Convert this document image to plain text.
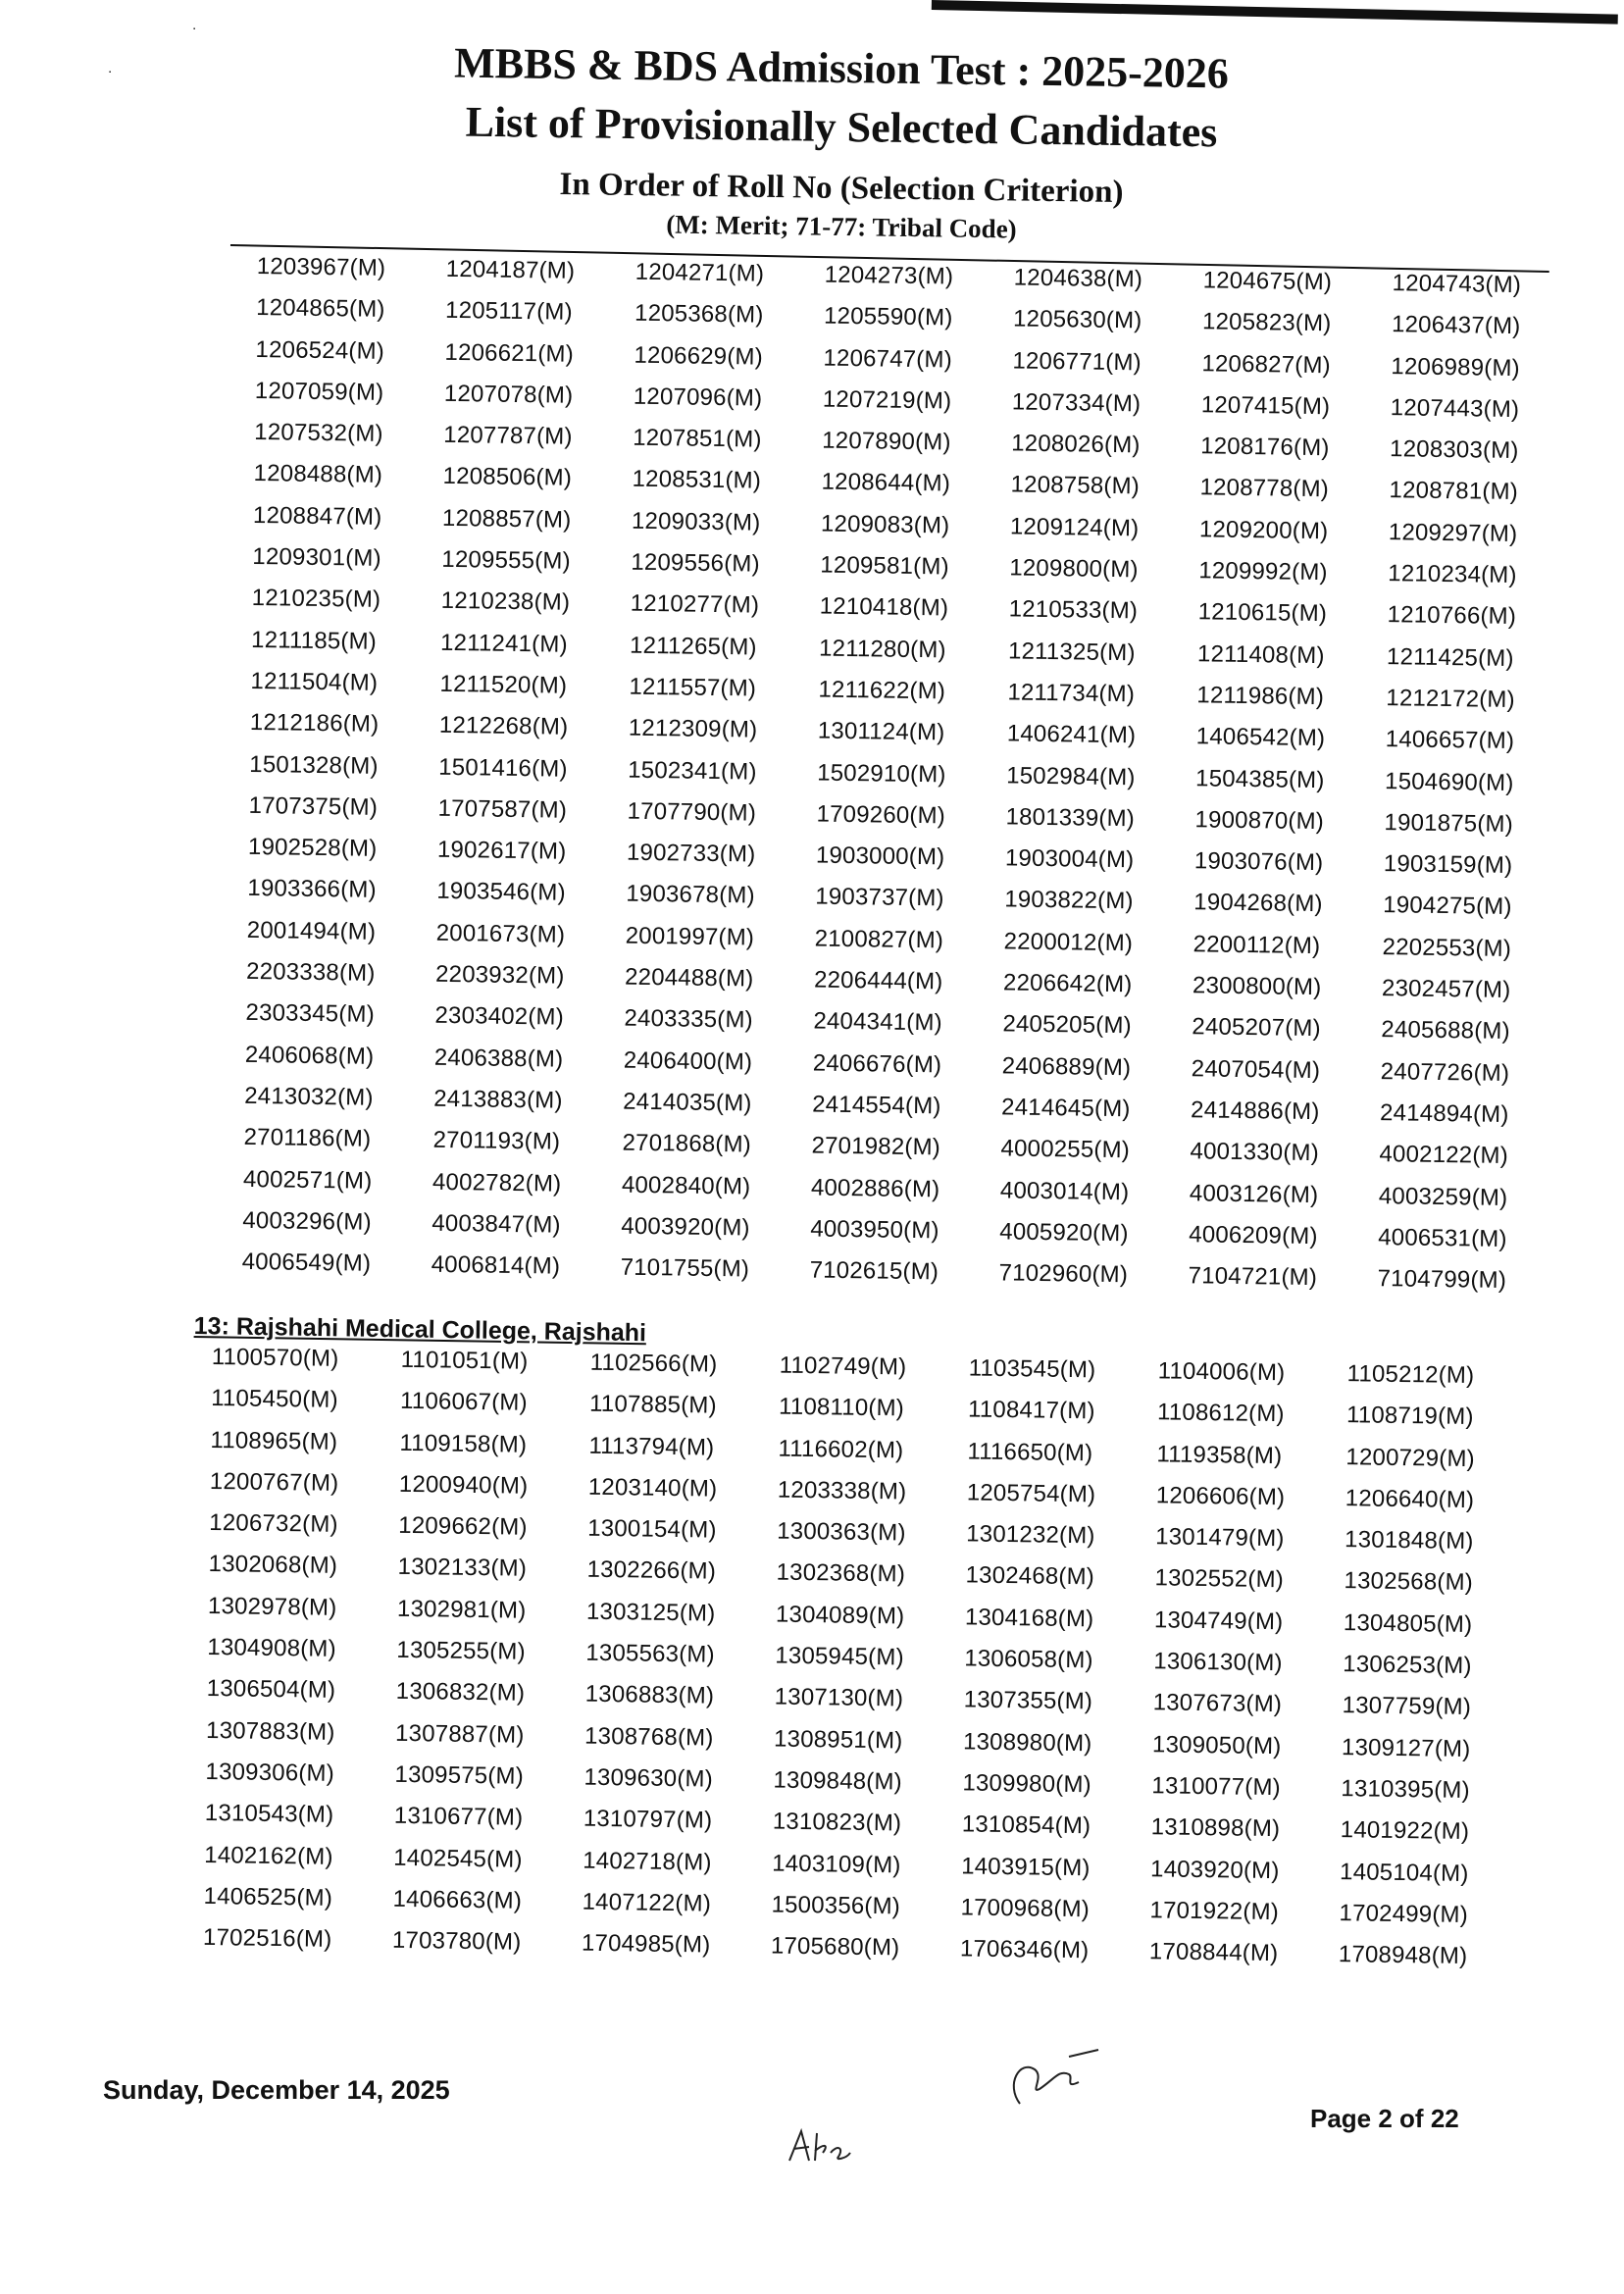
˙
˙	MBBS & BDS Admission Test : 2025-2026
List of Provisionally Selected Candidates
In Order of Roll No (Selection Criterion)
(M: Merit; 71-77: Tribal Code)
1203967(M)	1204187(M)	1204271(M)	1204273(M)	1204638(M)	1204675(M)	1204743(M)
1204865(M)	1205117(M)	1205368(M)	1205590(M)	1205630(M)	1205823(M)	1206437(M)
1206524(M)	1206621(M)	1206629(M)	1206747(M)	1206771(M)	1206827(M)	1206989(M)
1207059(M)	1207078(M)	1207096(M)	1207219(M)	1207334(M)	1207415(M)	1207443(M)
1207532(M)	1207787(M)	1207851(M)	1207890(M)	1208026(M)	1208176(M)	1208303(M)
1208488(M)	1208506(M)	1208531(M)	1208644(M)	1208758(M)	1208778(M)	1208781(M)
1208847(M)	1208857(M)	1209033(M)	1209083(M)	1209124(M)	1209200(M)	1209297(M)
1209301(M)	1209555(M)	1209556(M)	1209581(M)	1209800(M)	1209992(M)	1210234(M)
1210235(M)	1210238(M)	1210277(M)	1210418(M)	1210533(M)	1210615(M)	1210766(M)
1211185(M)	1211241(M)	1211265(M)	1211280(M)	1211325(M)	1211408(M)	1211425(M)
1211504(M)	1211520(M)	1211557(M)	1211622(M)	1211734(M)	1211986(M)	1212172(M)
1212186(M)	1212268(M)	1212309(M)	1301124(M)	1406241(M)	1406542(M)	1406657(M)
1501328(M)	1501416(M)	1502341(M)	1502910(M)	1502984(M)	1504385(M)	1504690(M)
1707375(M)	1707587(M)	1707790(M)	1709260(M)	1801339(M)	1900870(M)	1901875(M)
1902528(M)	1902617(M)	1902733(M)	1903000(M)	1903004(M)	1903076(M)	1903159(M)
1903366(M)	1903546(M)	1903678(M)	1903737(M)	1903822(M)	1904268(M)	1904275(M)
2001494(M)	2001673(M)	2001997(M)	2100827(M)	2200012(M)	2200112(M)	2202553(M)
2203338(M)	2203932(M)	2204488(M)	2206444(M)	2206642(M)	2300800(M)	2302457(M)
2303345(M)	2303402(M)	2403335(M)	2404341(M)	2405205(M)	2405207(M)	2405688(M)
2406068(M)	2406388(M)	2406400(M)	2406676(M)	2406889(M)	2407054(M)	2407726(M)
2413032(M)	2413883(M)	2414035(M)	2414554(M)	2414645(M)	2414886(M)	2414894(M)
2701186(M)	2701193(M)	2701868(M)	2701982(M)	4000255(M)	4001330(M)	4002122(M)
4002571(M)	4002782(M)	4002840(M)	4002886(M)	4003014(M)	4003126(M)	4003259(M)
4003296(M)	4003847(M)	4003920(M)	4003950(M)	4005920(M)	4006209(M)	4006531(M)
4006549(M)	4006814(M)	7101755(M)	7102615(M)	7102960(M)	7104721(M)	7104799(M)
13: Rajshahi Medical College, Rajshahi
1100570(M)	1101051(M)	1102566(M)	1102749(M)	1103545(M)	1104006(M)	1105212(M)
1105450(M)	1106067(M)	1107885(M)	1108110(M)	1108417(M)	1108612(M)	1108719(M)
1108965(M)	1109158(M)	1113794(M)	1116602(M)	1116650(M)	1119358(M)	1200729(M)
1200767(M)	1200940(M)	1203140(M)	1203338(M)	1205754(M)	1206606(M)	1206640(M)
1206732(M)	1209662(M)	1300154(M)	1300363(M)	1301232(M)	1301479(M)	1301848(M)
1302068(M)	1302133(M)	1302266(M)	1302368(M)	1302468(M)	1302552(M)	1302568(M)
1302978(M)	1302981(M)	1303125(M)	1304089(M)	1304168(M)	1304749(M)	1304805(M)
1304908(M)	1305255(M)	1305563(M)	1305945(M)	1306058(M)	1306130(M)	1306253(M)
1306504(M)	1306832(M)	1306883(M)	1307130(M)	1307355(M)	1307673(M)	1307759(M)
1307883(M)	1307887(M)	1308768(M)	1308951(M)	1308980(M)	1309050(M)	1309127(M)
1309306(M)	1309575(M)	1309630(M)	1309848(M)	1309980(M)	1310077(M)	1310395(M)
1310543(M)	1310677(M)	1310797(M)	1310823(M)	1310854(M)	1310898(M)	1401922(M)
1402162(M)	1402545(M)	1402718(M)	1403109(M)	1403915(M)	1403920(M)	1405104(M)
1406525(M)	1406663(M)	1407122(M)	1500356(M)	1700968(M)	1701922(M)	1702499(M)
1702516(M)	1703780(M)	1704985(M)	1705680(M)	1706346(M)	1708844(M)	1708948(M)
Sunday, December 14, 2025
Page 2 of 22
